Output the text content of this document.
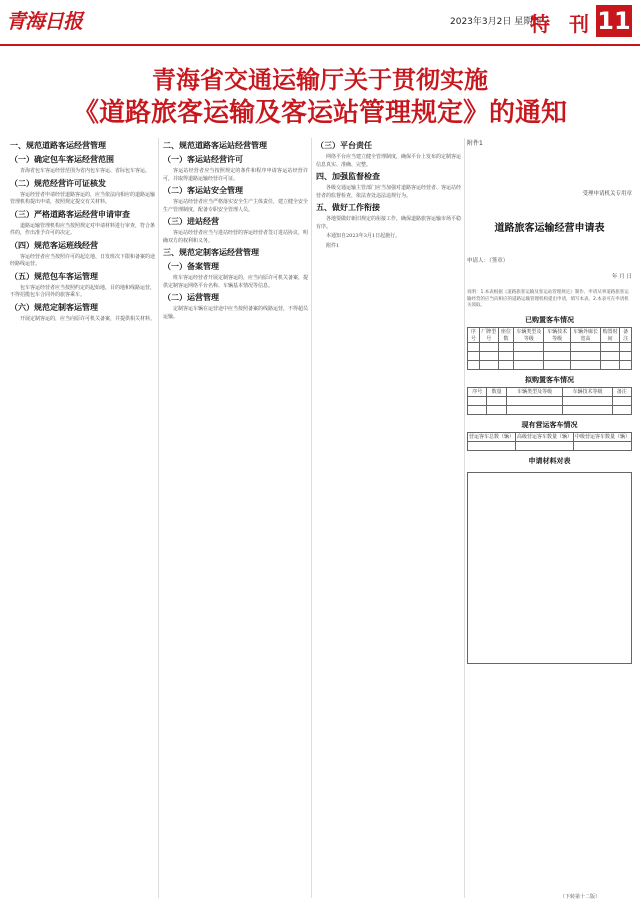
青海日报	2023年3月2日 星期四
特 刊 11
青海省交通运输厅关于贯彻实施
《道路旅客运输及客运站管理规定》的通知
一、规范道路客运经营管理
（一）确定包车客运经营范围

青海省包车客运经营范围为省内包车客运、省际包车客运。

（二）规范经营许可证核发

客运经营者申请经营道路客运的，应当依法向相应的道路运输管理机构提出申请，按照规定提交有关材料。

（三）严格道路客运经营申请审查

道路运输管理机构应当按照规定对申请材料进行审查，符合条件的，作出准予许可的决定。

（四）规范客运班线经营

客运经营者应当按照许可的起讫地、日发班次下限和备案的途经路线运营。

（五）规范包车客运管理

包车客运经营者应当按照约定的起始地、目的地和线路运营，不得招揽包车合同外的旅客乘车。

（六）规范定制客运管理

开展定制客运的，应当向原许可机关备案，并提供相关材料。

二、规范道路客运站经营管理
（一）客运站经营许可

客运站经营者应当按照规定的条件和程序申请客运站经营许可，并取得道路运输经营许可证。

（二）客运站安全管理

客运站经营者应当严格落实安全生产主体责任，建立健全安全生产管理制度，配备专职安全管理人员。

（三）进站经营

客运站经营者应当与进站经营的客运经营者签订进站协议，明确双方的权利和义务。

三、规范定制客运经营管理
（一）备案管理

班车客运经营者开展定制客运的，应当向原许可机关备案，提供定制客运网络平台名称、车辆基本情况等信息。

（二）运营管理

定制客运车辆在运营途中应当按照备案的线路运营，不得超员运输。

（三）平台责任

网络平台应当建立健全管理制度，确保平台上发布的定制客运信息真实、准确、完整。

四、加强监督检查

各级交通运输主管部门应当加强对道路客运经营者、客运站经营者的监督检查，依法查处违法违规行为。

五、做好工作衔接

各地要做好新旧规定的衔接工作，确保道路旅客运输市场平稳有序。

本通知自2023年3月1日起施行。

附件1

附件1
受理申请机关专用章
道路旅客运输经营申请表
申请人：（签章）
年 月 日
说明：1.本表根据《道路旅客运输及客运站管理规定》制作，申请从事道路旅客运输经营的应当向相应的道路运输管理机构提出申请，填写本表。2.本表可在申请机关领取。
已购置客车情况
序号	厂牌型号	座位数	车辆类型及等级	车辆技术等级	车辆外廓长宽高	购置时间	备注

拟购置客车情况
序号	数量	车辆类型及等级	车辆技术等级	备注

现有营运客车情况
营运客车总数（辆）	高级营运客车数量（辆）	中级营运客车数量（辆）

申请材料对表
（下转第十二版）
